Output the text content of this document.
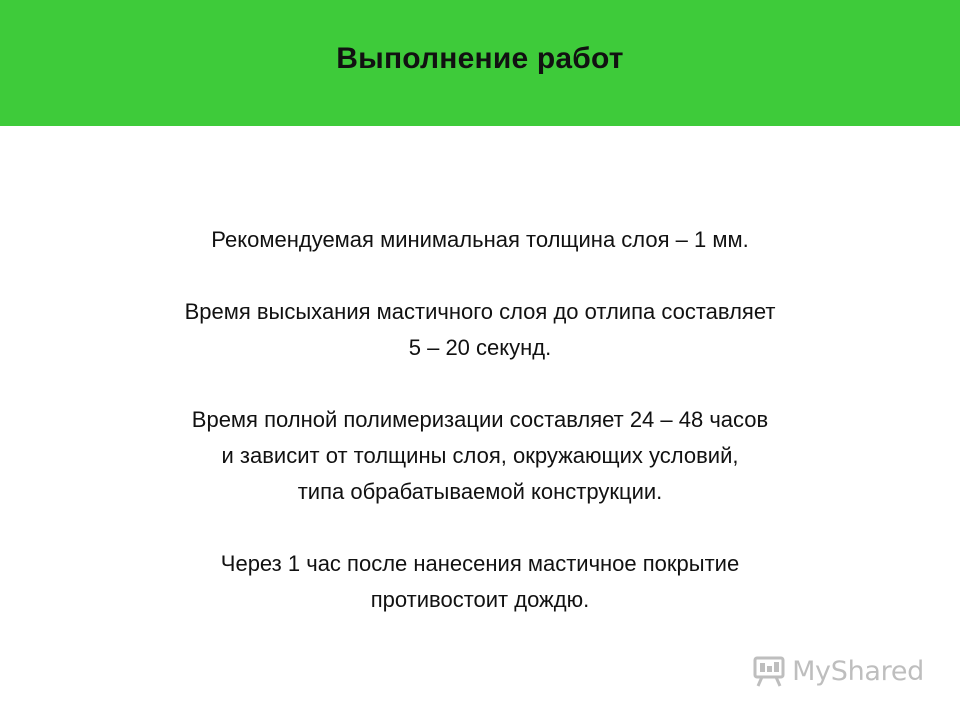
Выполнение работ

Рекомендуемая минимальная толщина слоя – 1 мм.

Время высыхания мастичного слоя до отлипа составляет
5 – 20 секунд.

Время полной полимеризации составляет 24 – 48 часов
и зависит от толщины слоя, окружающих условий,
типа обрабатываемой конструкции.

Через 1 час после нанесения мастичное покрытие
противостоит дождю.

MyShared
